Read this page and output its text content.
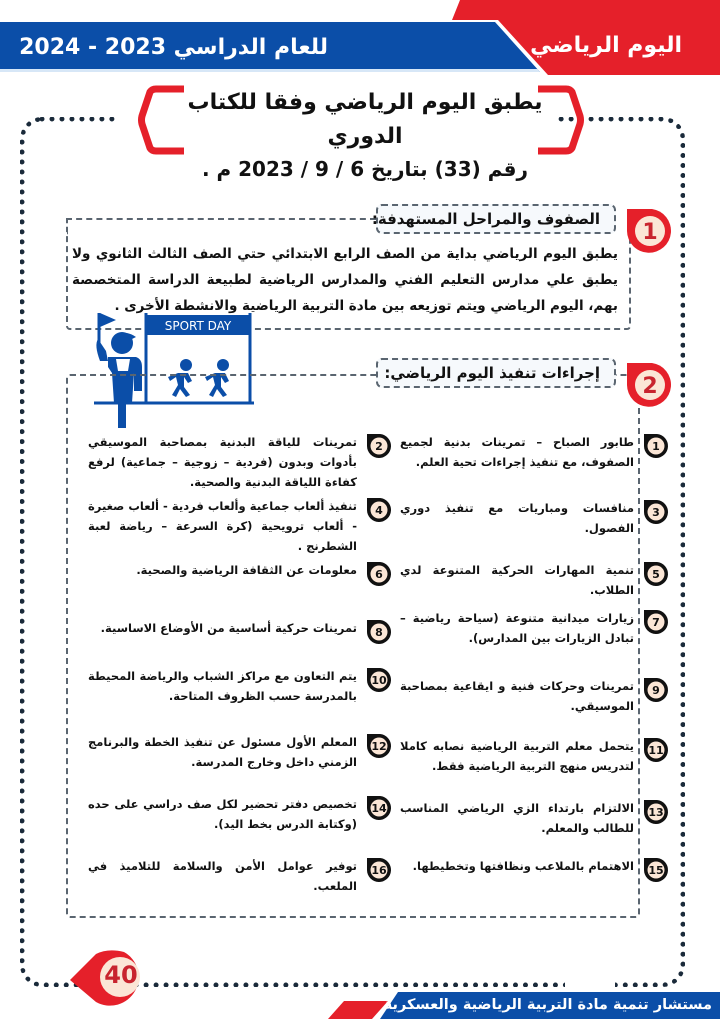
للعام الدراسي 2023 - 2024	اليوم الرياضي
يطبق اليوم الرياضي وفقا للكتاب الدوري
رقم (33) بتاريخ 6 / 9 / 2023 م .
الصفوف والمراحل المستهدفة:
1
يطبق اليوم الرياضي بداية من الصف الرابع الابتدائي حتي الصف الثالث الثانوي ولا يطبق علي مدارس التعليم الفني والمدارس الرياضية لطبيعة الدراسة المتخصصة بهم، اليوم الرياضي ويتم توزيعه بين مادة التربية الرياضية والانشطة الأخرى .
SPORT DAY
إجراءات تنفيذ اليوم الرياضي:
2
1
طابور الصباح – تمرينات بدنية لجميع الصفوف، مع تنفيذ إجراءات تحية العلم.
2
تمرينات للياقة البدنية بمصاحبة الموسيقي بأدوات وبدون (فردية – زوجية – جماعية) لرفع كفاءة اللياقة البدنية والصحية.
3
منافسات ومباريات مع تنفيذ دوري الفصول.
4
تنفيذ ألعاب جماعية وألعاب فردية - ألعاب صغيرة - ألعاب ترويحية (كرة السرعة – رياضة لعبة الشطرنج .
5
تنمية المهارات الحركية المتنوعة لدي الطلاب.
6
معلومات عن الثقافة الرياضية والصحية.
7
زيارات ميدانية متنوعة (سياحة رياضية – تبادل الزيارات بين المدارس).
8
تمرينات حركية أساسية من الأوضاع الاساسية.
9
تمرينات وحركات فنية و ايقاعية بمصاحبة الموسيقي.
10
يتم التعاون مع مراكز الشباب والرياضة المحيطة بالمدرسة حسب الظروف المتاحة.
11
يتحمل معلم التربية الرياضية نصابه كاملا لتدريس منهج التربية الرياضية فقط.
12
المعلم الأول مسئول عن تنفيذ الخطة والبرنامج الزمني داخل وخارج المدرسة.
13
الالتزام بارتداء الزي الرياضي المناسب للطالب والمعلم.
14
تخصيص دفتر تحضير لكل صف دراسي على حده (وكتابة الدرس بخط اليد).
15
الاهتمام بالملاعب ونظافتها وتخطيطها.
16
توفير عوامل الأمن والسلامة للتلاميذ في الملعب.
40
مستشار تنمية مادة التربية الرياضية والعسكرية
